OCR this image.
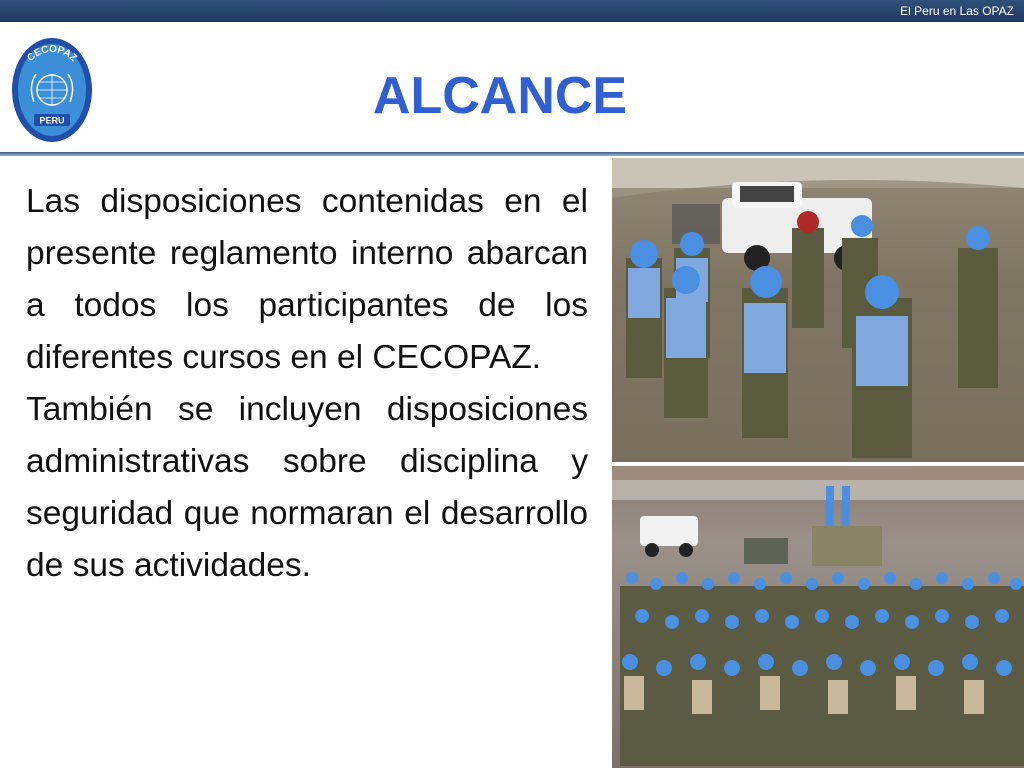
El Peru en Las OPAZ
CECOPAZ
PERU	ALCANCE

Las disposiciones contenidas en el presente reglamento interno abarcan a todos los participantes de los diferentes cursos en el CECOPAZ.

También se incluyen disposiciones administrativas sobre disciplina y seguridad que normaran el desarrollo de sus actividades.
